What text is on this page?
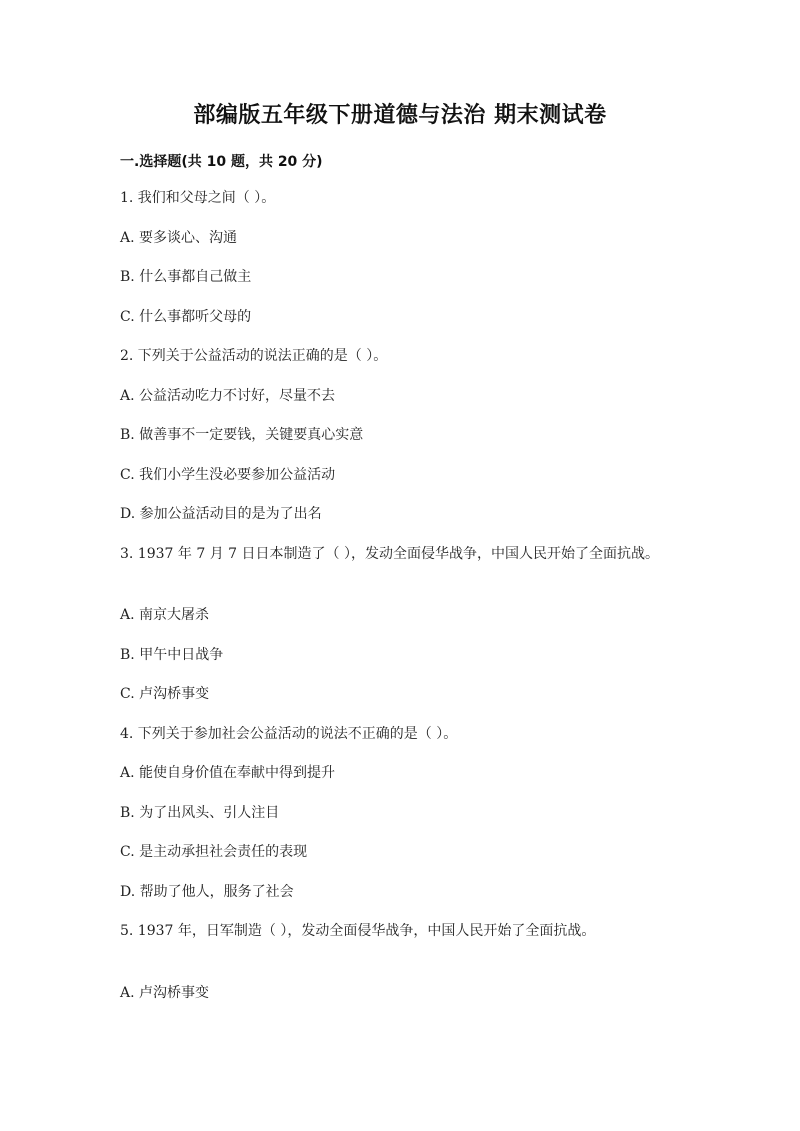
部编版五年级下册道德与法治 期末测试卷
一.选择题(共 10 题，共 20 分)
1. 我们和父母之间（ ）。
A. 要多谈心、沟通
B. 什么事都自己做主
C. 什么事都听父母的
2. 下列关于公益活动的说法正确的是（ ）。
A. 公益活动吃力不讨好，尽量不去
B. 做善事不一定要钱，关键要真心实意
C. 我们小学生没必要参加公益活动
D. 参加公益活动目的是为了出名
3. 1937 年 7 月 7 日日本制造了（ ），发动全面侵华战争，中国人民开始了全面抗战。
A. 南京大屠杀
B. 甲午中日战争
C. 卢沟桥事变
4. 下列关于参加社会公益活动的说法不正确的是（ ）。
A. 能使自身价值在奉献中得到提升
B. 为了出风头、引人注目
C. 是主动承担社会责任的表现
D. 帮助了他人，服务了社会
5. 1937 年，日军制造（ ），发动全面侵华战争，中国人民开始了全面抗战。
A. 卢沟桥事变
